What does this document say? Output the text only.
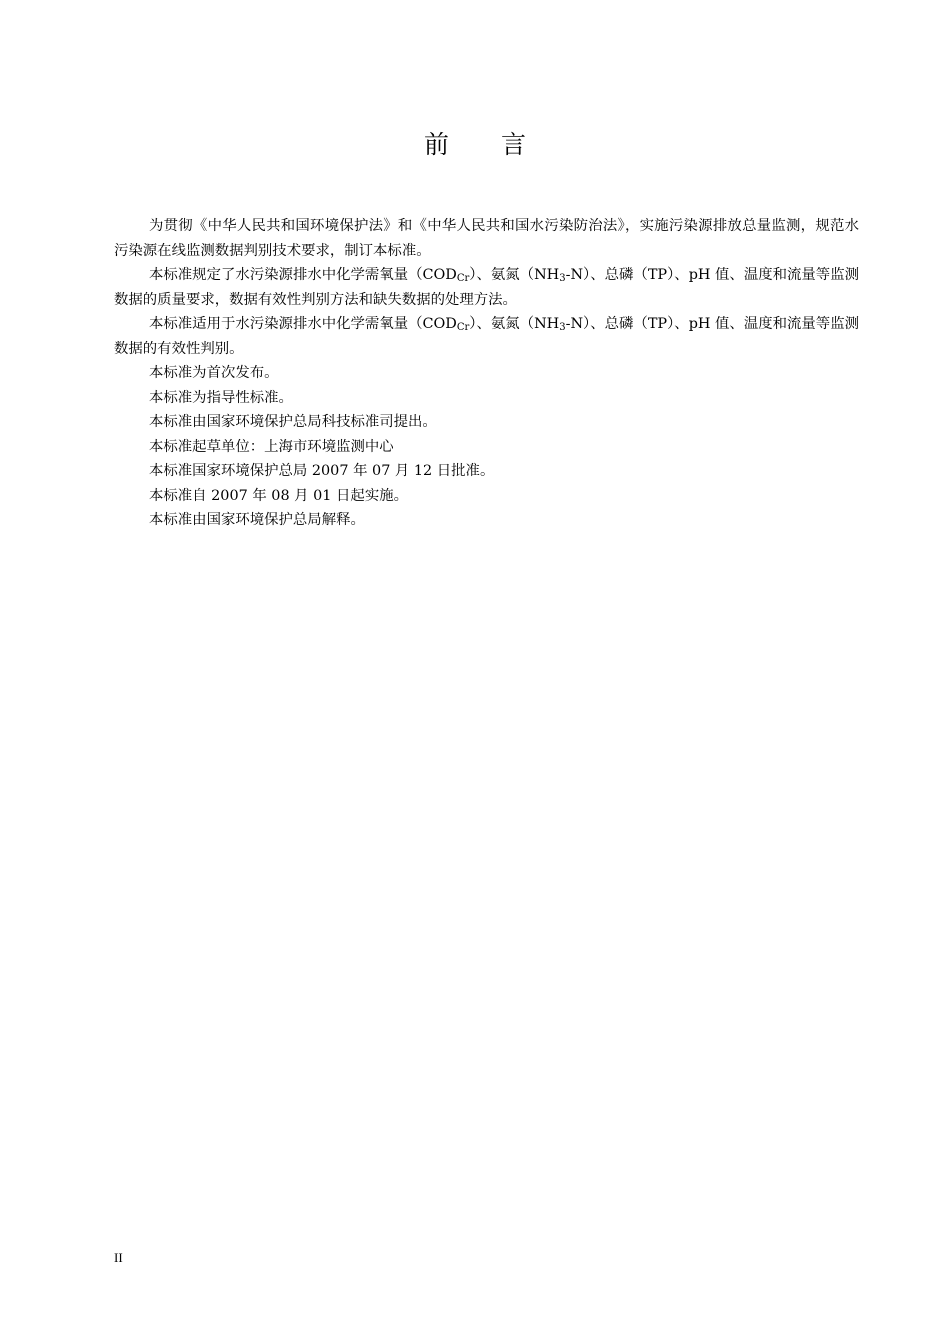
前 言

为贯彻《中华人民共和国环境保护法》和《中华人民共和国水污染防治法》，实施污染源排放总量监测，规范水污染源在线监测数据判别技术要求，制订本标准。

本标准规定了水污染源排水中化学需氧量$(COD_{Cr})$、氨氮$(NH_3-N)$、总磷（TP）、pH 值、温度和流量等监测数据的质量要求，数据有效性判别方法和缺失数据的处理方法。

本标准适用于水污染源排水中化学需氧量$(COD_{Cr})$、氨氮$(NH_3-N)$、总磷（TP）、pH 值、温度和流量等监测数据的有效性判别。

本标准为首次发布。

本标准为指导性标准。

本标准由国家环境保护总局科技标准司提出。

本标准起草单位：上海市环境监测中心

本标准国家环境保护总局 2007 年 07 月 12 日批准。

本标准自 2007 年 08 月 01 日起实施。

本标准由国家环境保护总局解释。

II
